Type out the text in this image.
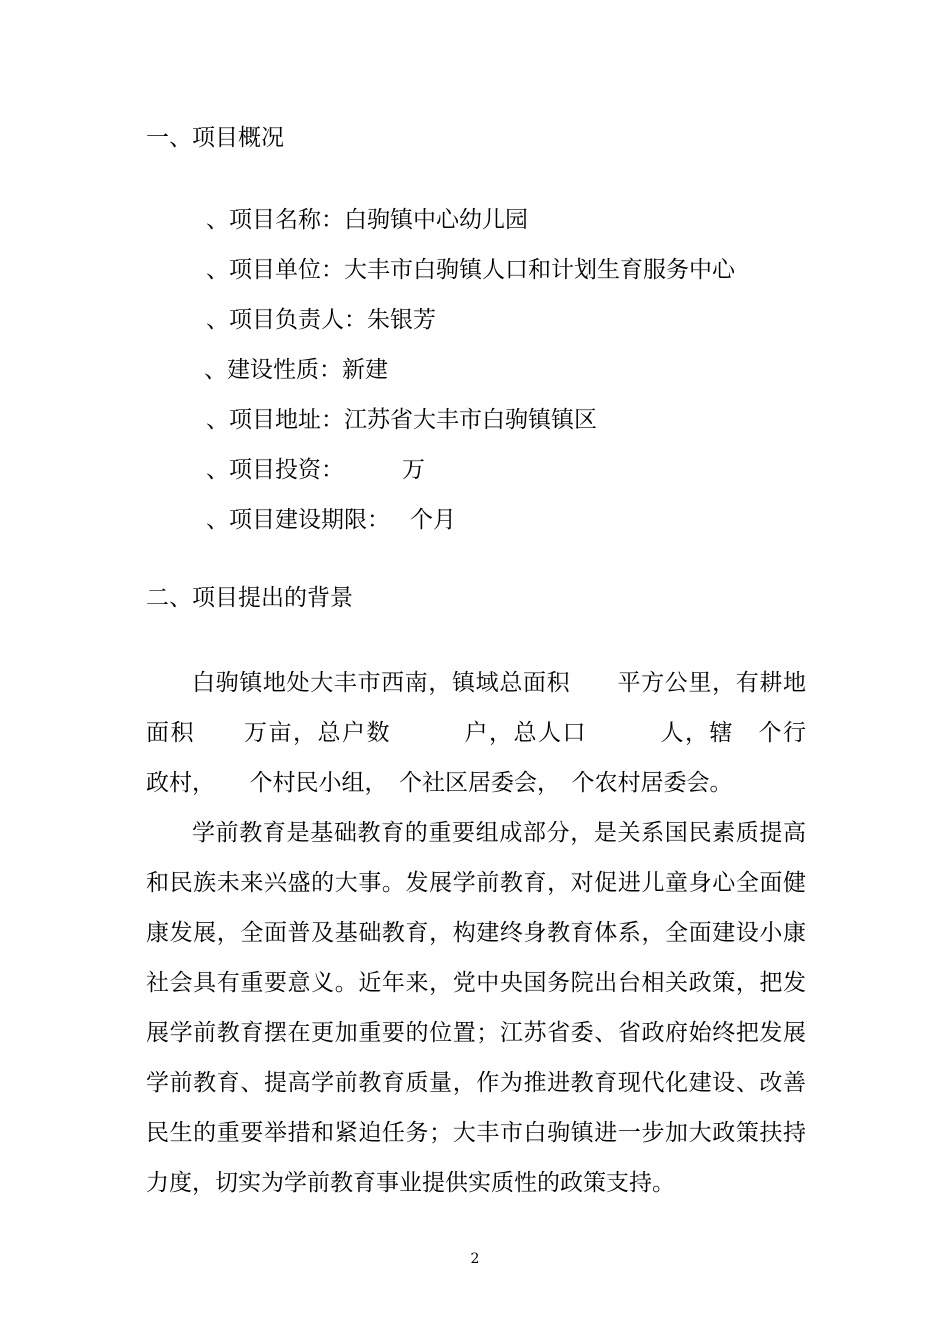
一、项目概况
、项目名称：白驹镇中心幼儿园
、项目单位：大丰市白驹镇人口和计划生育服务中心
、项目负责人：朱银芳
、建设性质：新建
、项目地址：江苏省大丰市白驹镇镇区
、项目投资：	万
、项目建设期限： 个月
二、项目提出的背景
白驹镇地处大丰市西南，镇域总面积　　平方公里，有耕地
面积　　万亩，总户数　　　户，总人口　　　人，辖　个行
政村，　　个村民小组，　个社区居委会，　个农村居委会。
学前教育是基础教育的重要组成部分，是关系国民素质提高
和民族未来兴盛的大事。发展学前教育，对促进儿童身心全面健
康发展，全面普及基础教育，构建终身教育体系，全面建设小康
社会具有重要意义。近年来，党中央国务院出台相关政策，把发
展学前教育摆在更加重要的位置；江苏省委、省政府始终把发展
学前教育、提高学前教育质量，作为推进教育现代化建设、改善
民生的重要举措和紧迫任务；大丰市白驹镇进一步加大政策扶持
力度，切实为学前教育事业提供实质性的政策支持。
2
